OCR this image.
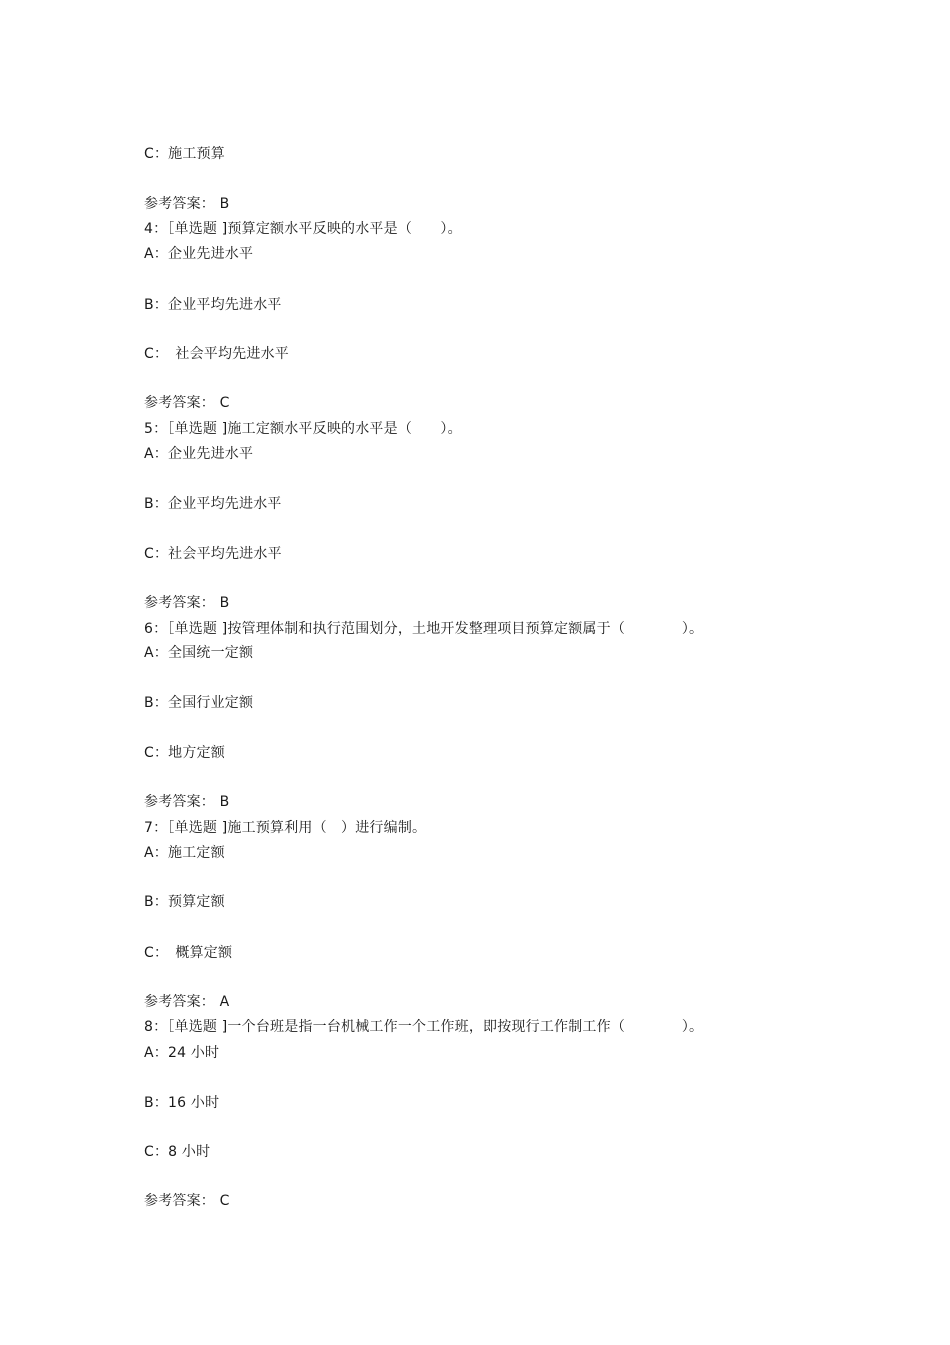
C：施工预算
参考答案： B
4：［单选题 ]预算定额水平反映的水平是（　　）。
A：企业先进水平
B：企业平均先进水平
C：　社会平均先进水平
参考答案： C
5：［单选题 ]施工定额水平反映的水平是（　　）。
A：企业先进水平
B：企业平均先进水平
C：社会平均先进水平
参考答案： B
6：［单选题 ]按管理体制和执行范围划分，土地开发整理项目预算定额属于（　　　　）。
A：全国统一定额
B：全国行业定额
C：地方定额
参考答案： B
7：［单选题 ]施工预算利用（　）进行编制。
A：施工定额
B：预算定额
C：　概算定额
参考答案： A
8：［单选题 ]一个台班是指一台机械工作一个工作班，即按现行工作制工作（　　　　）。
A：24 小时
B：16 小时
C：8 小时
参考答案： C
